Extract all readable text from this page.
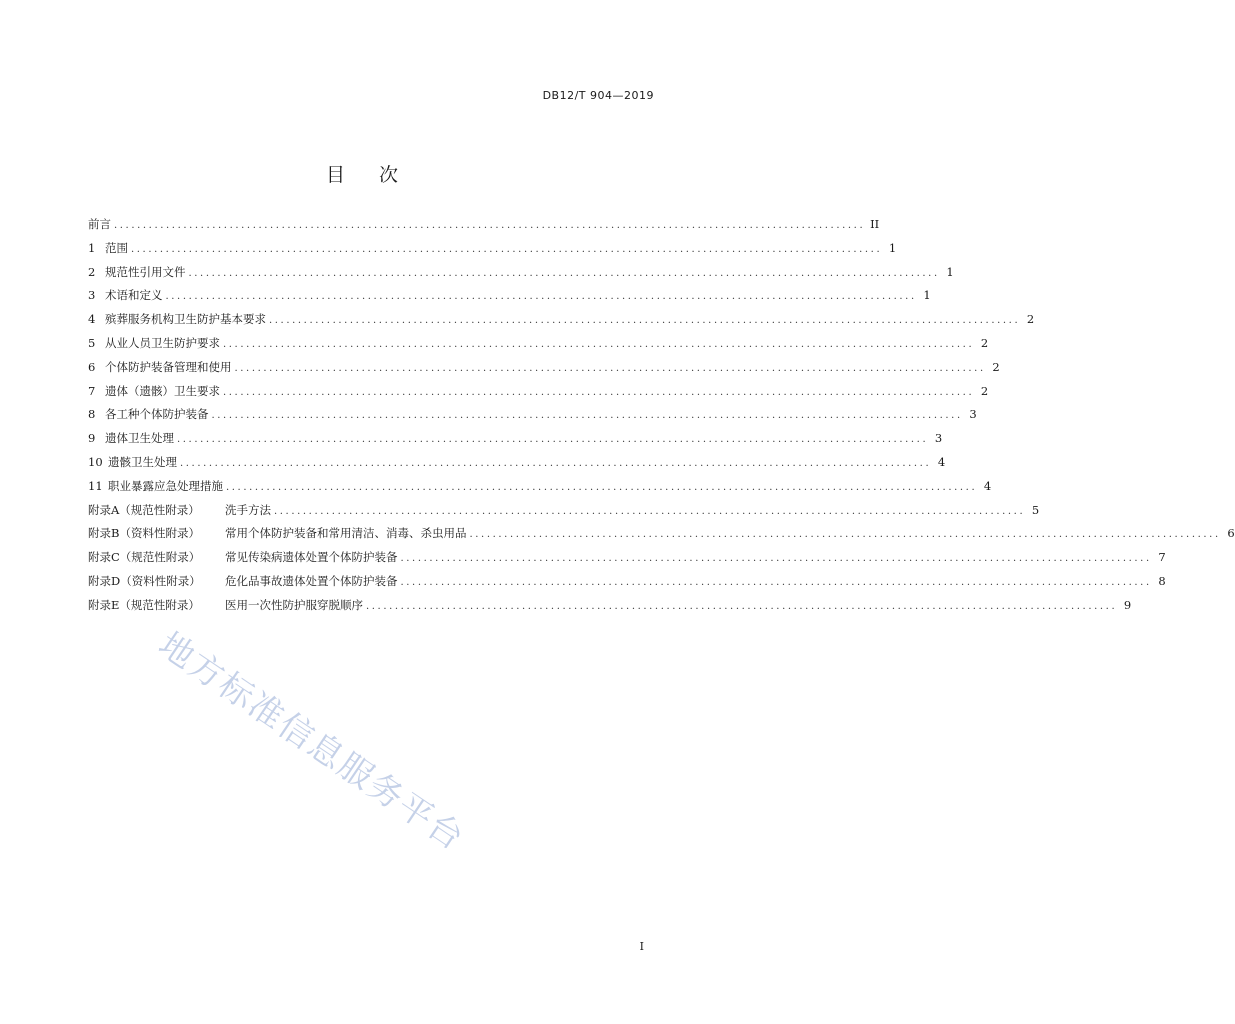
DB12/T 904—2019
目 次
前言 .................................................................................................................................. II
1 范围 .................................................................................................................................. 1
2 规范性引用文件 .................................................................................................................................. 1
3 术语和定义 .................................................................................................................................. 1
4 殡葬服务机构卫生防护基本要求 .................................................................................................................................. 2
5 从业人员卫生防护要求 .................................................................................................................................. 2
6 个体防护装备管理和使用 .................................................................................................................................. 2
7 遗体（遗骸）卫生要求 .................................................................................................................................. 2
8 各工种个体防护装备 .................................................................................................................................. 3
9 遗体卫生处理 .................................................................................................................................. 3
10 遗骸卫生处理 .................................................................................................................................. 4
11 职业暴露应急处理措施 .................................................................................................................................. 4
附录A（规范性附录） 洗手方法 .................................................................................................................................. 5
附录B（资料性附录） 常用个体防护装备和常用清洁、消毒、杀虫用品 .................................................................................................................................. 6
附录C（规范性附录） 常见传染病遗体处置个体防护装备 .................................................................................................................................. 7
附录D（资料性附录） 危化品事故遗体处置个体防护装备 .................................................................................................................................. 8
附录E（规范性附录） 医用一次性防护服穿脱顺序 .................................................................................................................................. 9
地方标准信息服务平台
I
